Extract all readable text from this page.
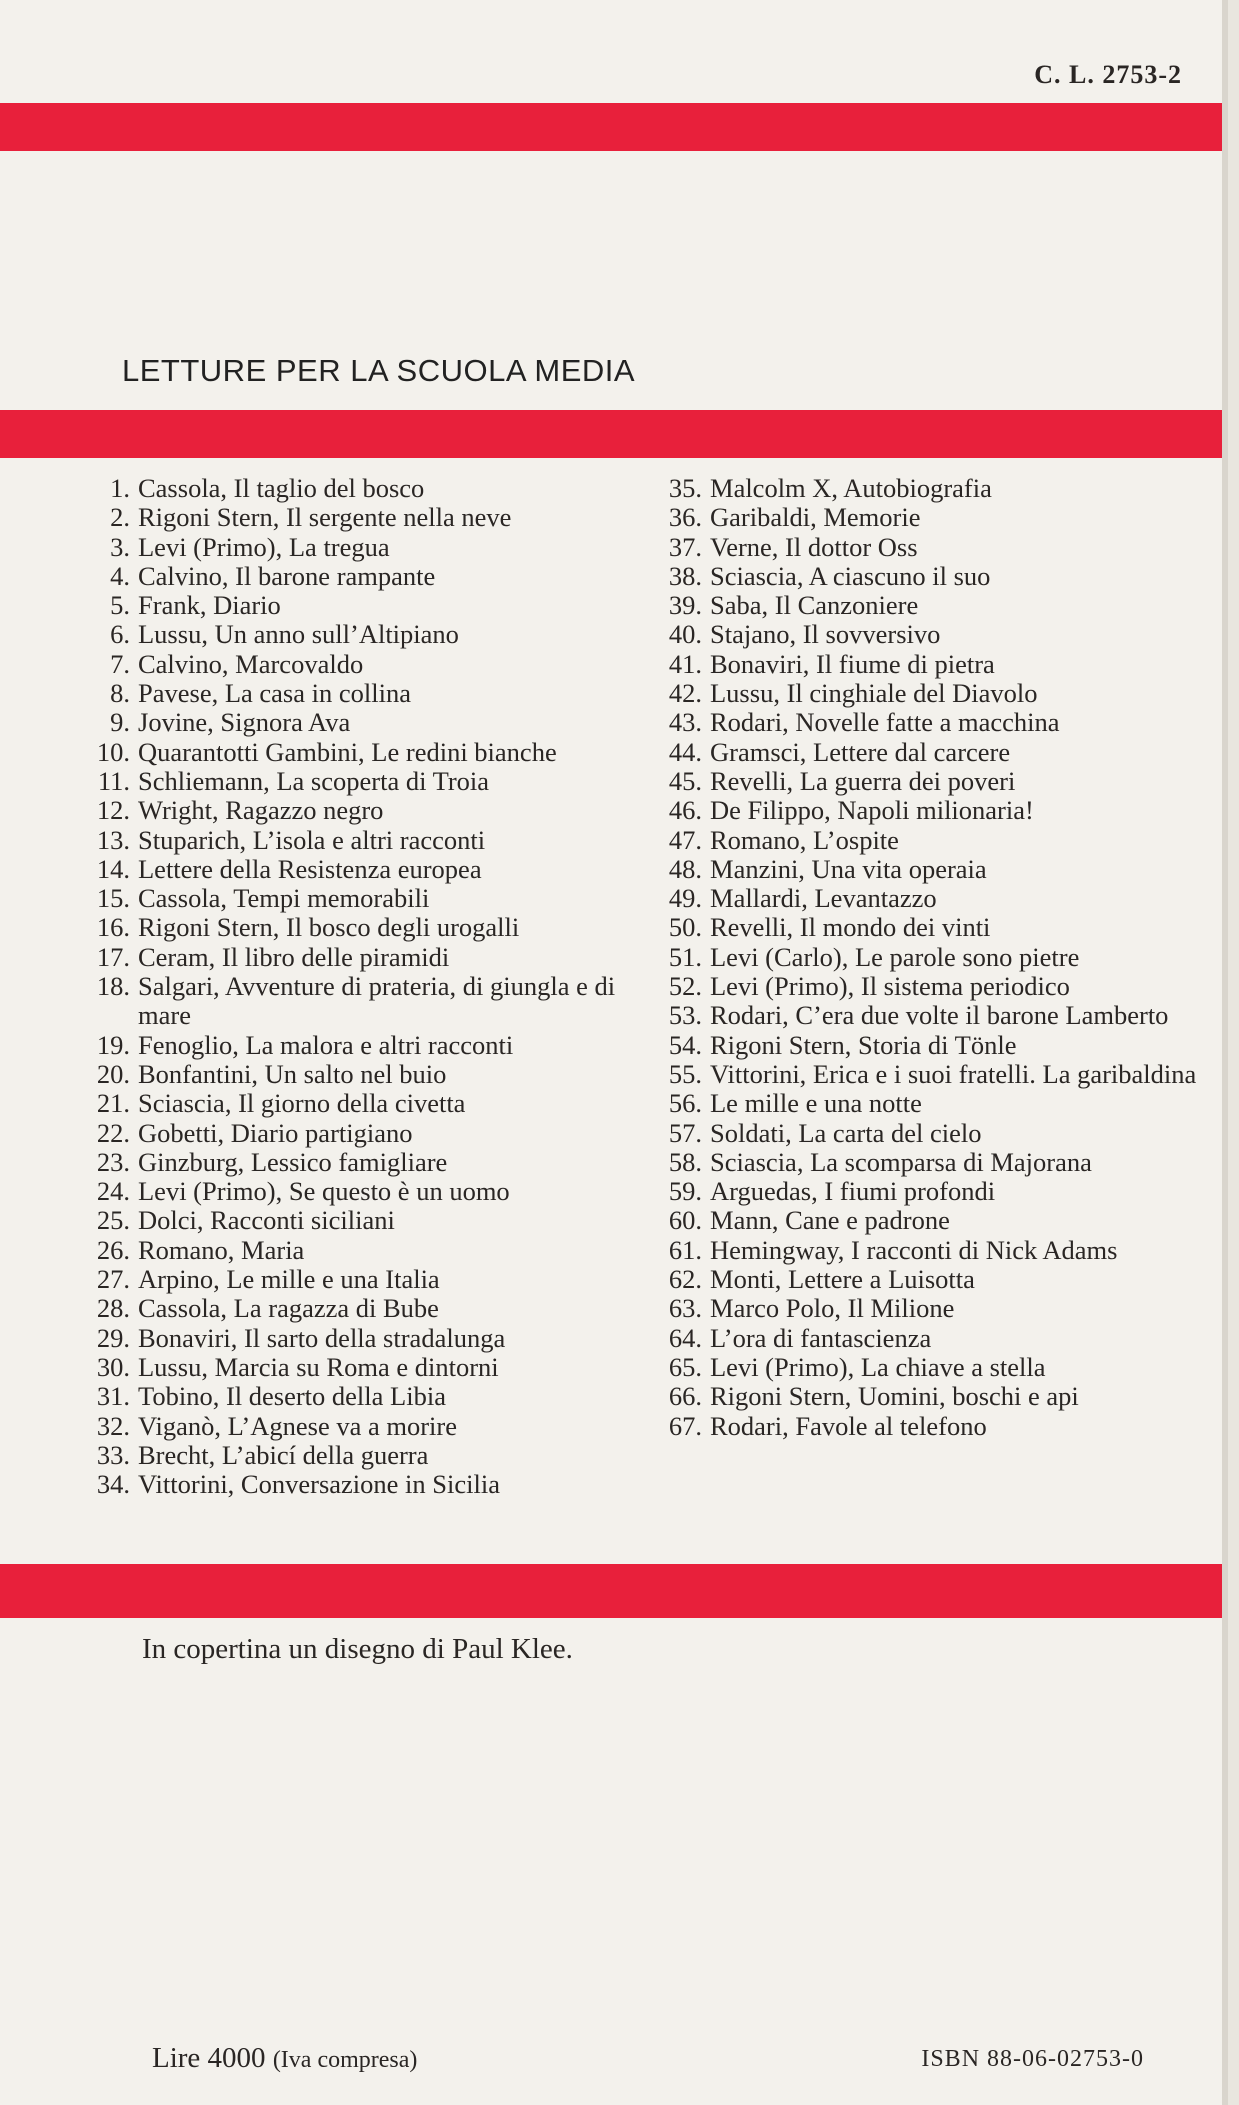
C. L. 2753-2
LETTURE PER LA SCUOLA MEDIA
1. Cassola, Il taglio del bosco
2. Rigoni Stern, Il sergente nella neve
3. Levi (Primo), La tregua
4. Calvino, Il barone rampante
5. Frank, Diario
6. Lussu, Un anno sull’Altipiano
7. Calvino, Marcovaldo
8. Pavese, La casa in collina
9. Jovine, Signora Ava
10. Quarantotti Gambini, Le redini bianche
11. Schliemann, La scoperta di Troia
12. Wright, Ragazzo negro
13. Stuparich, L’isola e altri racconti
14. Lettere della Resistenza europea
15. Cassola, Tempi memorabili
16. Rigoni Stern, Il bosco degli urogalli
17. Ceram, Il libro delle piramidi
18. Salgari, Avventure di prateria, di giungla e di mare
19. Fenoglio, La malora e altri racconti
20. Bonfantini, Un salto nel buio
21. Sciascia, Il giorno della civetta
22. Gobetti, Diario partigiano
23. Ginzburg, Lessico famigliare
24. Levi (Primo), Se questo è un uomo
25. Dolci, Racconti siciliani
26. Romano, Maria
27. Arpino, Le mille e una Italia
28. Cassola, La ragazza di Bube
29. Bonaviri, Il sarto della stradalunga
30. Lussu, Marcia su Roma e dintorni
31. Tobino, Il deserto della Libia
32. Viganò, L’Agnese va a morire
33. Brecht, L’abicí della guerra
34. Vittorini, Conversazione in Sicilia
35. Malcolm X, Autobiografia
36. Garibaldi, Memorie
37. Verne, Il dottor Oss
38. Sciascia, A ciascuno il suo
39. Saba, Il Canzoniere
40. Stajano, Il sovversivo
41. Bonaviri, Il fiume di pietra
42. Lussu, Il cinghiale del Diavolo
43. Rodari, Novelle fatte a macchina
44. Gramsci, Lettere dal carcere
45. Revelli, La guerra dei poveri
46. De Filippo, Napoli milionaria!
47. Romano, L’ospite
48. Manzini, Una vita operaia
49. Mallardi, Levantazzo
50. Revelli, Il mondo dei vinti
51. Levi (Carlo), Le parole sono pietre
52. Levi (Primo), Il sistema periodico
53. Rodari, C’era due volte il barone Lamberto
54. Rigoni Stern, Storia di Tönle
55. Vittorini, Erica e i suoi fratelli. La garibaldina
56. Le mille e una notte
57. Soldati, La carta del cielo
58. Sciascia, La scomparsa di Majorana
59. Arguedas, I fiumi profondi
60. Mann, Cane e padrone
61. Hemingway, I racconti di Nick Adams
62. Monti, Lettere a Luisotta
63. Marco Polo, Il Milione
64. L’ora di fantascienza
65. Levi (Primo), La chiave a stella
66. Rigoni Stern, Uomini, boschi e api
67. Rodari, Favole al telefono
In copertina un disegno di Paul Klee.
Lire 4000 (Iva compresa)	ISBN 88-06-02753-0
